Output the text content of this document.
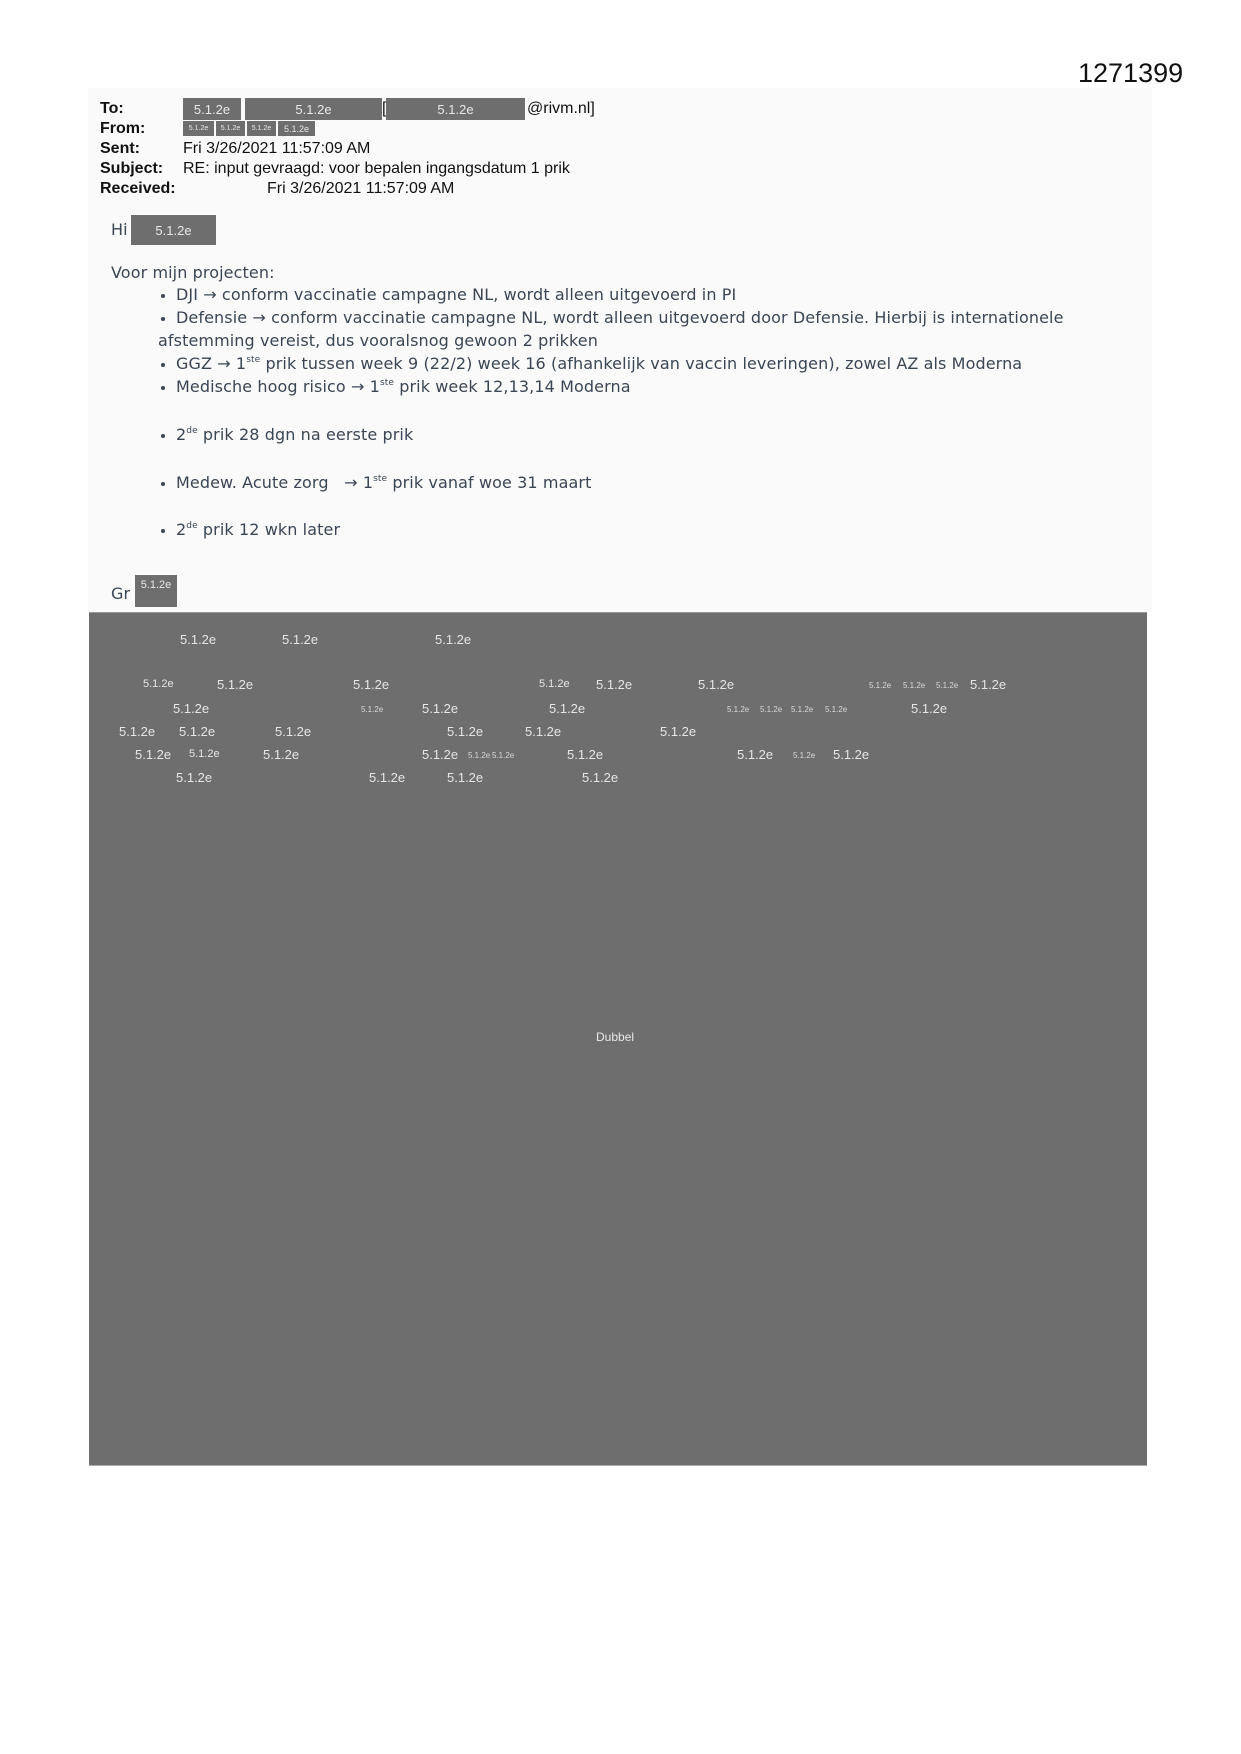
1271399
To:	5.1.2e	5.1.2e	[	5.1.2e	@rivm.nl]
From:	5.1.2e	5.1.2e	5.1.2e	5.1.2e
Sent:	Fri 3/26/2021 11:57:09 AM
Subject: RE: input gevraagd: voor bepalen ingangsdatum 1 prik
Received:	Fri 3/26/2021 11:57:09 AM
Hi	5.1.2e
Voor mijn projecten:
DJI → conform vaccinatie campagne NL, wordt alleen uitgevoerd in PI
Defensie → conform vaccinatie campagne NL, wordt alleen uitgevoerd door Defensie. Hierbij is internationele
afstemming vereist, dus vooralsnog gewoon 2 prikken
GGZ → 1ste prik tussen week 9 (22/2) week 16 (afhankelijk van vaccin leveringen), zowel AZ als Moderna
Medische hoog risico → 1ste prik week 12,13,14 Moderna
2de prik 28 dgn na eerste prik
Medew. Acute zorg   → 1ste prik vanaf woe 31 maart
2de prik 12 wkn later
Gr 5.1.2e
5.1.2e	5.1.2e	5.1.2e
5.1.2e	5.1.2e	5.1.2e	5.1.2e 5.1.2e	5.1.2e	5.1.2e 5.1.2e 5.1.2e 5.1.2e
5.1.2e	5.1.2e	5.1.2e	5.1.2e	5.1.2e 5.1.2e 5.1.2e 5.1.2e	5.1.2e
5.1.2e 5.1.2e	5.1.2e	5.1.2e	5.1.2e	5.1.2e
5.1.2e 5.1.2e	5.1.2e	5.1.2e 5.1.2e 5.1.2e	5.1.2e	5.1.2e 5.1.2e 5.1.2e
5.1.2e	5.1.2e	5.1.2e	5.1.2e
Dubbel
